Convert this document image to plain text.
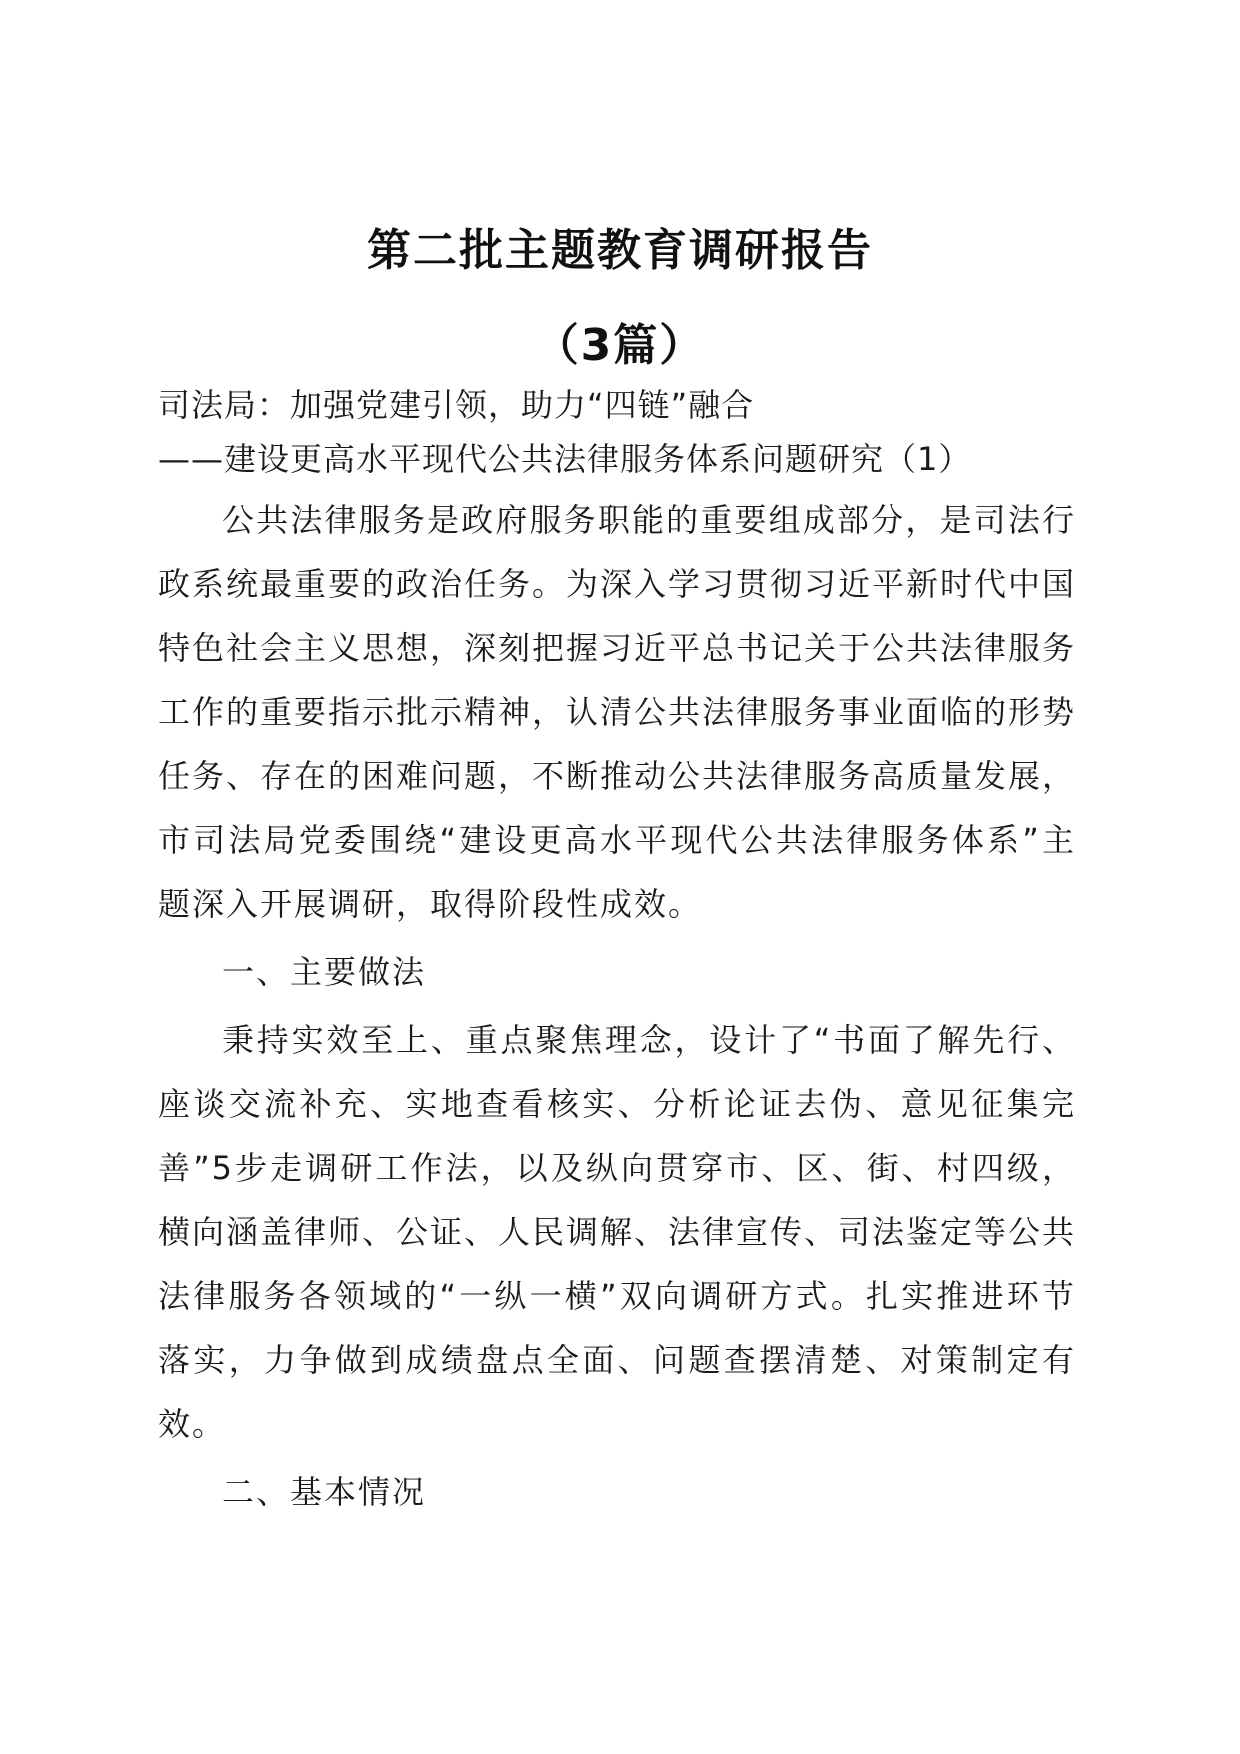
第二批主题教育调研报告
（3篇）
司法局：加强党建引领，助力“四链”融合
——建设更高水平现代公共法律服务体系问题研究（1）

公共法律服务是政府服务职能的重要组成部分，是司法行政系统最重要的政治任务。为深入学习贯彻习近平新时代中国特色社会主义思想，深刻把握习近平总书记关于公共法律服务工作的重要指示批示精神，认清公共法律服务事业面临的形势任务、存在的困难问题，不断推动公共法律服务高质量发展，市司法局党委围绕“建设更高水平现代公共法律服务体系”主题深入开展调研，取得阶段性成效。

一、主要做法

秉持实效至上、重点聚焦理念，设计了“书面了解先行、座谈交流补充、实地查看核实、分析论证去伪、意见征集完善”5步走调研工作法，以及纵向贯穿市、区、街、村四级，横向涵盖律师、公证、人民调解、法律宣传、司法鉴定等公共法律服务各领域的“一纵一横”双向调研方式。扎实推进环节落实，力争做到成绩盘点全面、问题查摆清楚、对策制定有效。

二、基本情况
